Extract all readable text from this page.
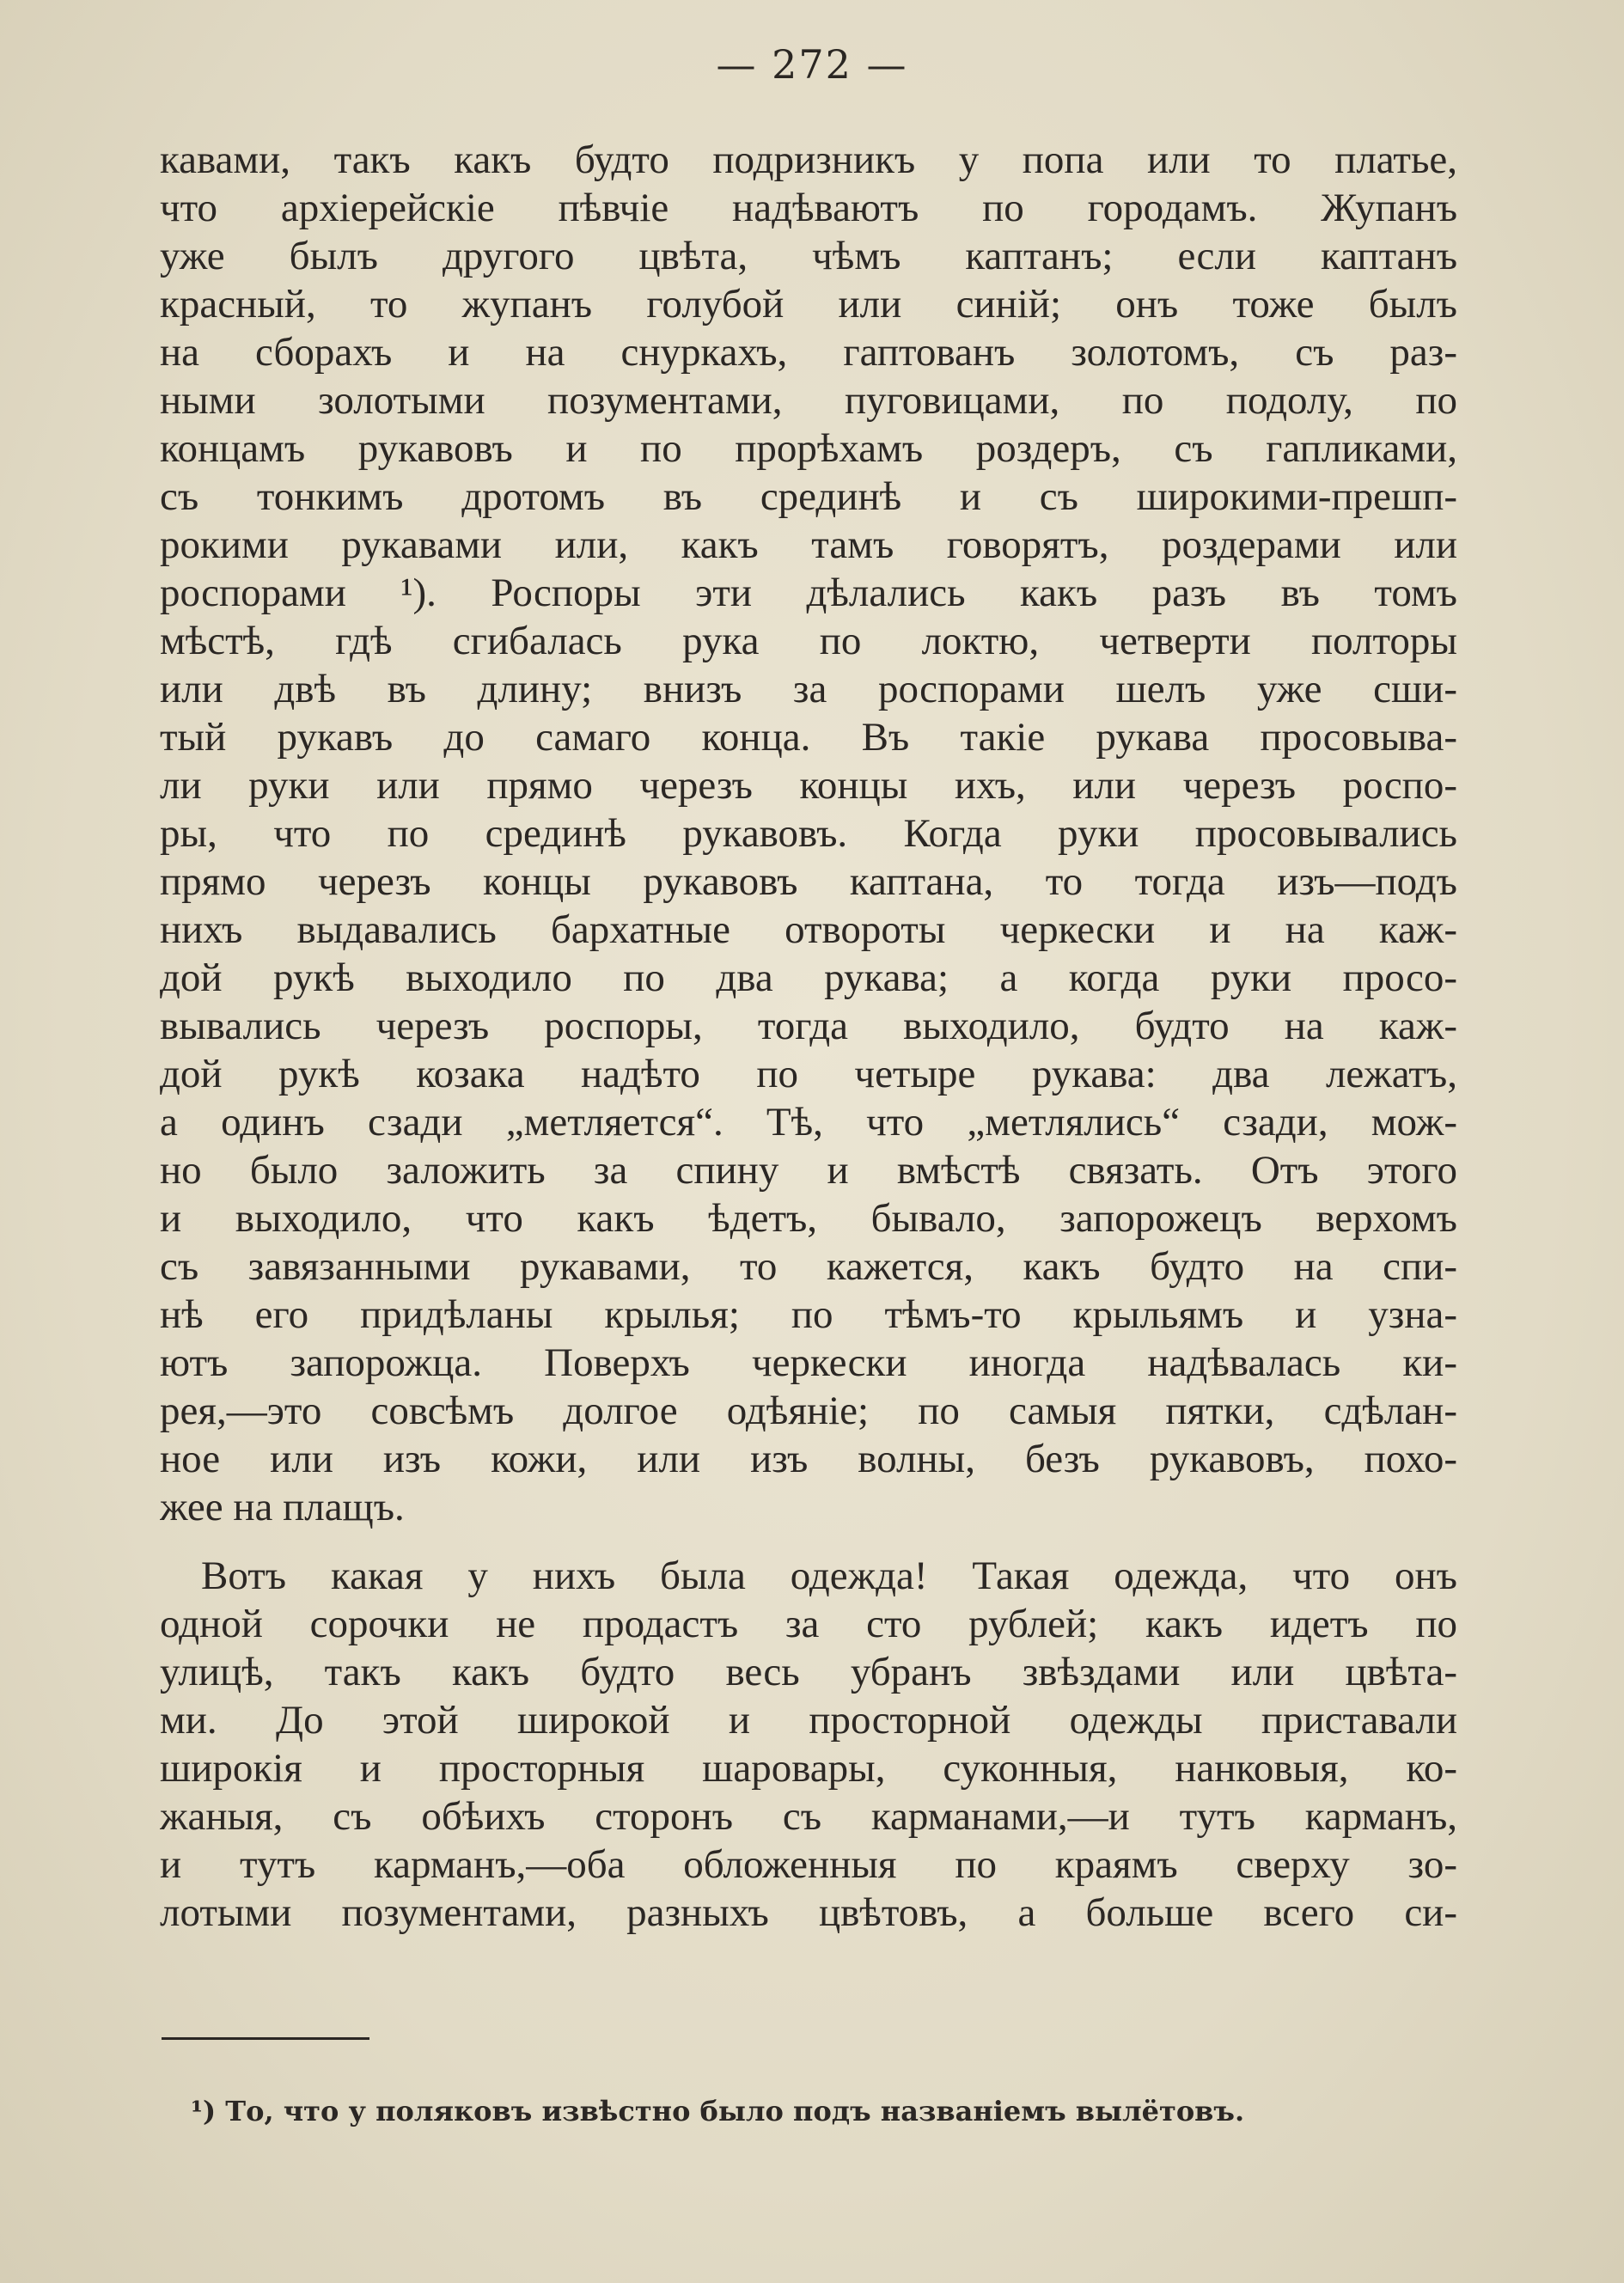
— 272 —
кавами, такъ какъ будто подризникъ у попа или то платье,
что архіерейскіе пѣвчіе надѣваютъ по городамъ. Жупанъ
уже былъ другого цвѣта, чѣмъ каптанъ; если каптанъ
красный, то жупанъ голубой или синій; онъ тоже былъ
на сборахъ и на снуркахъ, гаптованъ золотомъ, съ раз-
ными золотыми позументами, пуговицами, по подолу, по
концамъ рукавовъ и по прорѣхамъ роздеръ, съ гапликами,
съ тонкимъ дротомъ въ срединѣ и съ широкими-прешп-
рокими рукавами или, какъ тамъ говорятъ, роздерами или
роспорами ¹). Роспоры эти дѣлались какъ разъ въ томъ
мѣстѣ, гдѣ сгибалась рука по локтю, четверти полторы
или двѣ въ длину; внизъ за роспорами шелъ уже сши-
тый рукавъ до самаго конца. Въ такіе рукава просовыва-
ли руки или прямо черезъ концы ихъ, или черезъ роспо-
ры, что по срединѣ рукавовъ. Когда руки просовывались
прямо черезъ концы рукавовъ каптана, то тогда изъ—подъ
нихъ выдавались бархатные отвороты черкески и на каж-
дой рукѣ выходило по два рукава; а когда руки просо-
вывались черезъ роспоры, тогда выходило, будто на каж-
дой рукѣ козака надѣто по четыре рукава: два лежатъ,
а одинъ сзади „метляется“. Тѣ, что „метлялись“ сзади, мож-
но было заложить за спину и вмѣстѣ связать. Отъ этого
и выходило, что какъ ѣдетъ, бывало, запорожецъ верхомъ
съ завязанными рукавами, то кажется, какъ будто на спи-
нѣ его придѣланы крылья; по тѣмъ-то крыльямъ и узна-
ютъ запорожца. Поверхъ черкески иногда надѣвалась ки-
рея,—это совсѣмъ долгое одѣяніе; по самыя пятки, сдѣлан-
ное или изъ кожи, или изъ волны, безъ рукавовъ, похо-
жее на плащъ.
Вотъ какая у нихъ была одежда! Такая одежда, что онъ
одной сорочки не продастъ за сто рублей; какъ идетъ по
улицѣ, такъ какъ будто весь убранъ звѣздами или цвѣта-
ми. До этой широкой и просторной одежды приставали
широкія и просторныя шаровары, суконныя, нанковыя, ко-
жаныя, съ обѣихъ сторонъ съ карманами,—и тутъ карманъ,
и тутъ карманъ,—оба обложенныя по краямъ сверху зо-
лотыми позументами, разныхъ цвѣтовъ, а больше всего си-
¹) То, что у поляковъ извѣстно было подъ названіемъ вылётовъ.
